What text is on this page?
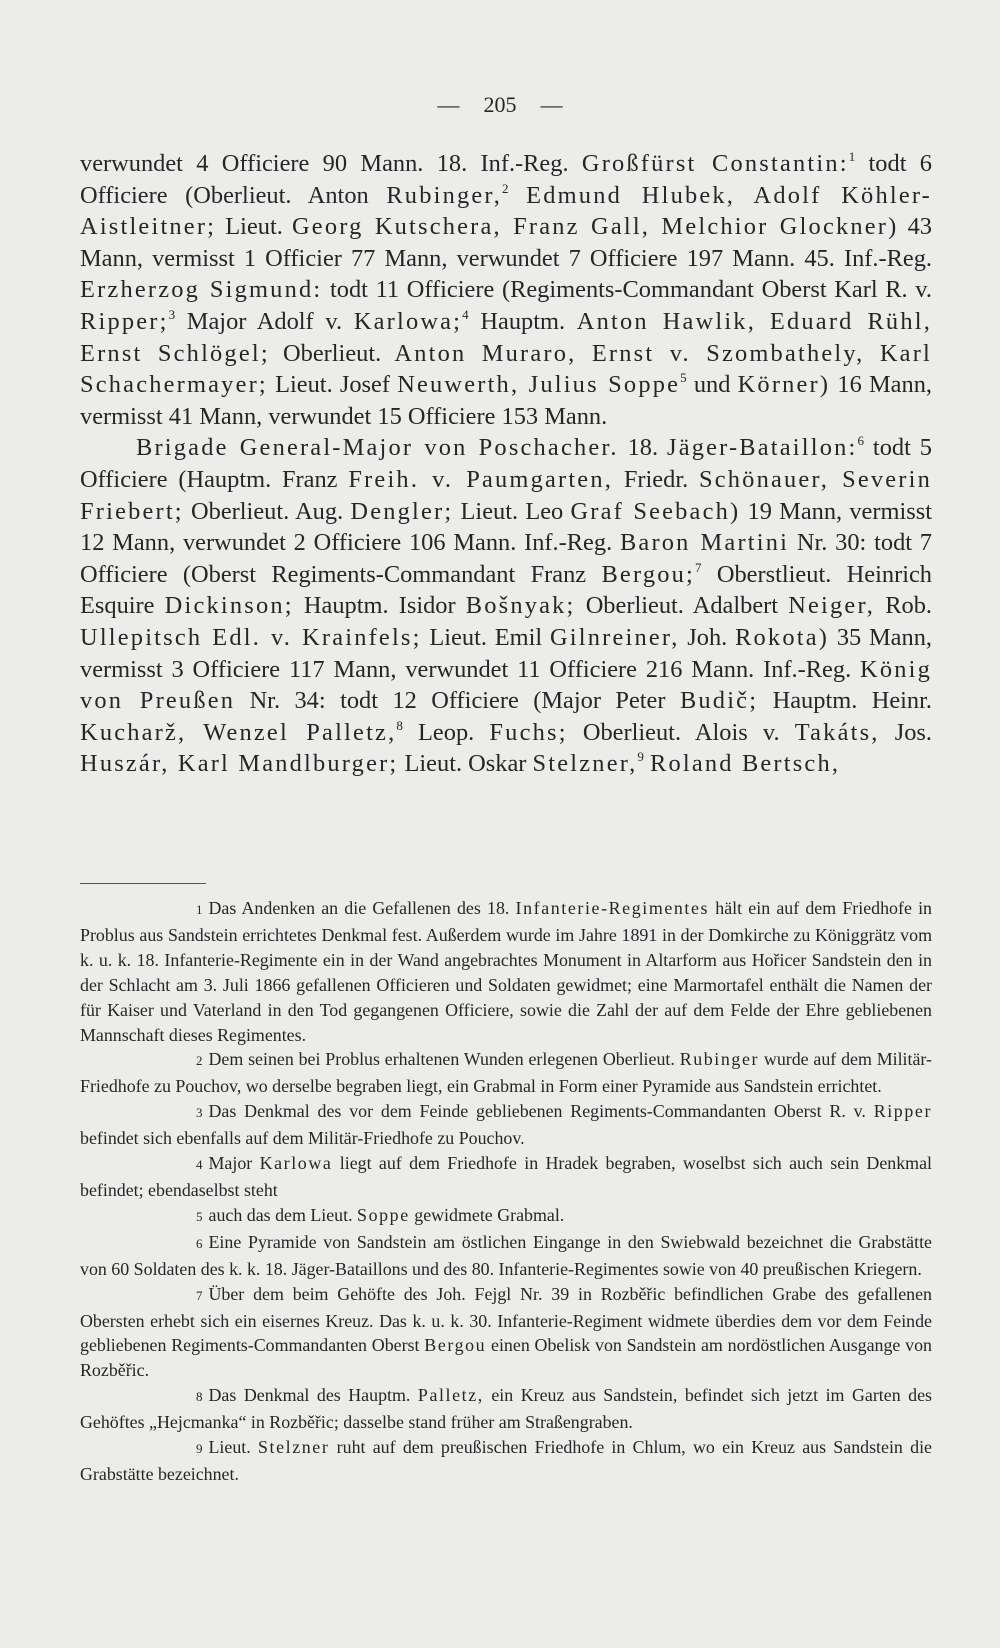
— 205 —

verwundet 4 Officiere 90 Mann. 18. Inf.-Reg. Großfürst Constantin:$^1$ todt 6 Officiere (Oberlieut. Anton Rubinger,$^2$ Edmund Hlubek, Adolf Köhler-Aistleitner; Lieut. Georg Kutschera, Franz Gall, Melchior Glockner) 43 Mann, vermisst 1 Officier 77 Mann, verwundet 7 Officiere 197 Mann. 45. Inf.-Reg. Erzherzog Sigmund: todt 11 Officiere (Regiments-Commandant Oberst Karl R. v. Ripper;$^3$ Major Adolf v. Karlowa;$^4$ Hauptm. Anton Hawlik, Eduard Rühl, Ernst Schlögel; Oberlieut. Anton Muraro, Ernst v. Szombathely, Karl Schachermayer; Lieut. Josef Neuwerth, Julius Soppe$^5$ und Körner) 16 Mann, vermisst 41 Mann, verwundet 15 Officiere 153 Mann.

Brigade General-Major von Poschacher. 18. Jäger-Bataillon:$^6$ todt 5 Officiere (Hauptm. Franz Freih. v. Paumgarten, Friedr. Schönauer, Severin Friebert; Oberlieut. Aug. Dengler; Lieut. Leo Graf Seebach) 19 Mann, vermisst 12 Mann, verwundet 2 Officiere 106 Mann. Inf.-Reg. Baron Martini Nr. 30: todt 7 Officiere (Oberst Regiments-Commandant Franz Bergou;$^7$ Oberstlieut. Heinrich Esquire Dickinson; Hauptm. Isidor Bošnyak; Oberlieut. Adalbert Neiger, Rob. Ullepitsch Edl. v. Krainfels; Lieut. Emil Gilnreiner, Joh. Rokota) 35 Mann, vermisst 3 Officiere 117 Mann, verwundet 11 Officiere 216 Mann. Inf.-Reg. König von Preußen Nr. 34: todt 12 Officiere (Major Peter Budič; Hauptm. Heinr. Kucharž, Wenzel Palletz,$^8$ Leop. Fuchs; Oberlieut. Alois v. Takáts, Jos. Huszár, Karl Mandlburger; Lieut. Oskar Stelzner,$^9$ Roland Bertsch,

1 Das Andenken an die Gefallenen des 18. Infanterie-Regimentes hält ein auf dem Friedhofe in Problus aus Sandstein errichtetes Denkmal fest. Außerdem wurde im Jahre 1891 in der Domkirche zu Königgrätz vom k. u. k. 18. Infanterie-Regimente ein in der Wand angebrachtes Monument in Altarform aus Hořicer Sandstein den in der Schlacht am 3. Juli 1866 gefallenen Officieren und Soldaten gewidmet; eine Marmortafel enthält die Namen der für Kaiser und Vaterland in den Tod gegangenen Officiere, sowie die Zahl der auf dem Felde der Ehre gebliebenen Mannschaft dieses Regimentes.

2 Dem seinen bei Problus erhaltenen Wunden erlegenen Oberlieut. Rubinger wurde auf dem Militär-Friedhofe zu Pouchov, wo derselbe begraben liegt, ein Grabmal in Form einer Pyramide aus Sandstein errichtet.

3 Das Denkmal des vor dem Feinde gebliebenen Regiments-Commandanten Oberst R. v. Ripper befindet sich ebenfalls auf dem Militär-Friedhofe zu Pouchov.

4 Major Karlowa liegt auf dem Friedhofe in Hradek begraben, woselbst sich auch sein Denkmal befindet; ebendaselbst steht

5 auch das dem Lieut. Soppe gewidmete Grabmal.

6 Eine Pyramide von Sandstein am östlichen Eingange in den Swiebwald bezeichnet die Grabstätte von 60 Soldaten des k. k. 18. Jäger-Bataillons und des 80. Infanterie-Regimentes sowie von 40 preußischen Kriegern.

7 Über dem beim Gehöfte des Joh. Fejgl Nr. 39 in Rozběřic befindlichen Grabe des gefallenen Obersten erhebt sich ein eisernes Kreuz. Das k. u. k. 30. Infanterie-Regiment widmete überdies dem vor dem Feinde gebliebenen Regiments-Commandanten Oberst Bergou einen Obelisk von Sandstein am nordöstlichen Ausgange von Rozběřic.

8 Das Denkmal des Hauptm. Palletz, ein Kreuz aus Sandstein, befindet sich jetzt im Garten des Gehöftes „Hejcmanka“ in Rozběřic; dasselbe stand früher am Straßengraben.

9 Lieut. Stelzner ruht auf dem preußischen Friedhofe in Chlum, wo ein Kreuz aus Sandstein die Grabstätte bezeichnet.
